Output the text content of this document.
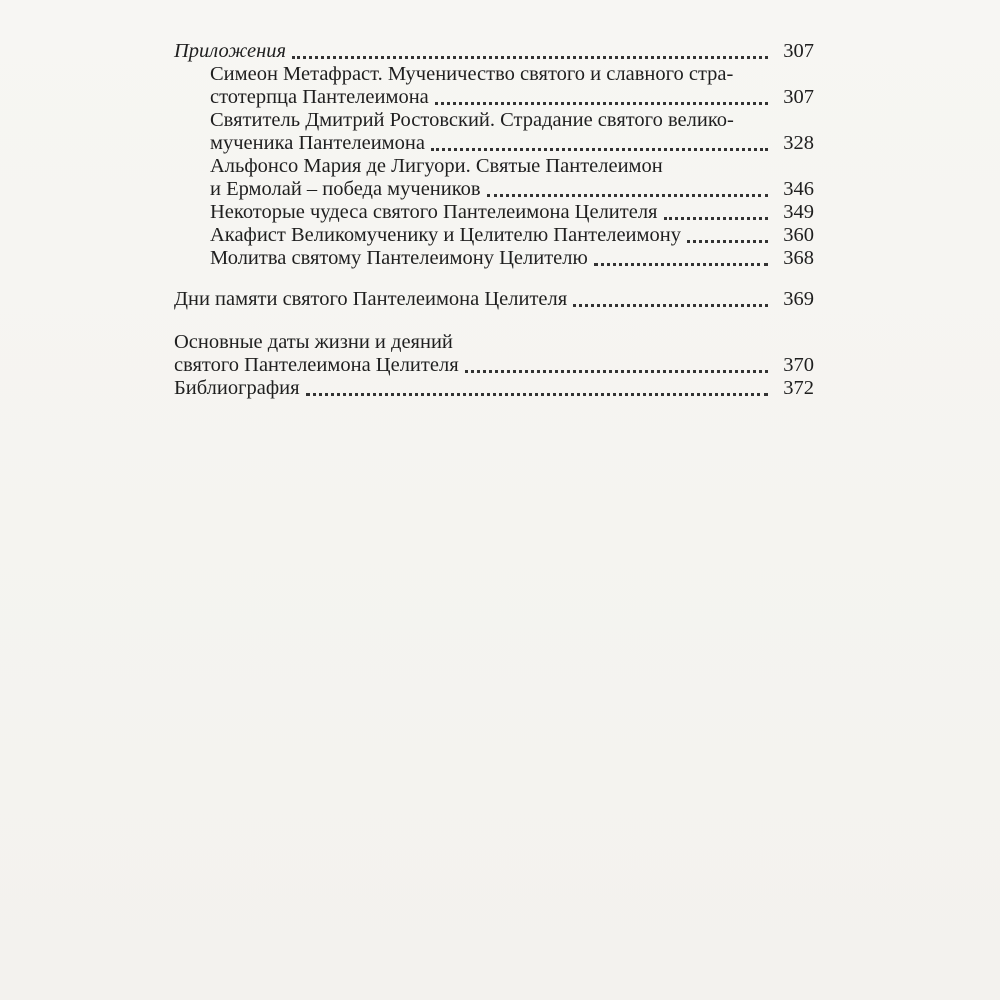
Приложения	307
Симеон Метафраст. Мученичество святого и славного стра-
стотерпца Пантелеимона	307
Святитель Дмитрий Ростовский. Страдание святого велико-
мученика Пантелеимона	328
Альфонсо Мария де Лигуори. Святые Пантелеимон
и Ермолай – победа мучеников	346
Некоторые чудеса святого Пантелеимона Целителя	349
Акафист Великомученику и Целителю Пантелеимону	360
Молитва святому Пантелеимону Целителю	368
Дни памяти святого Пантелеимона Целителя	369
Основные даты жизни и деяний
святого Пантелеимона Целителя	370
Библиография	372
